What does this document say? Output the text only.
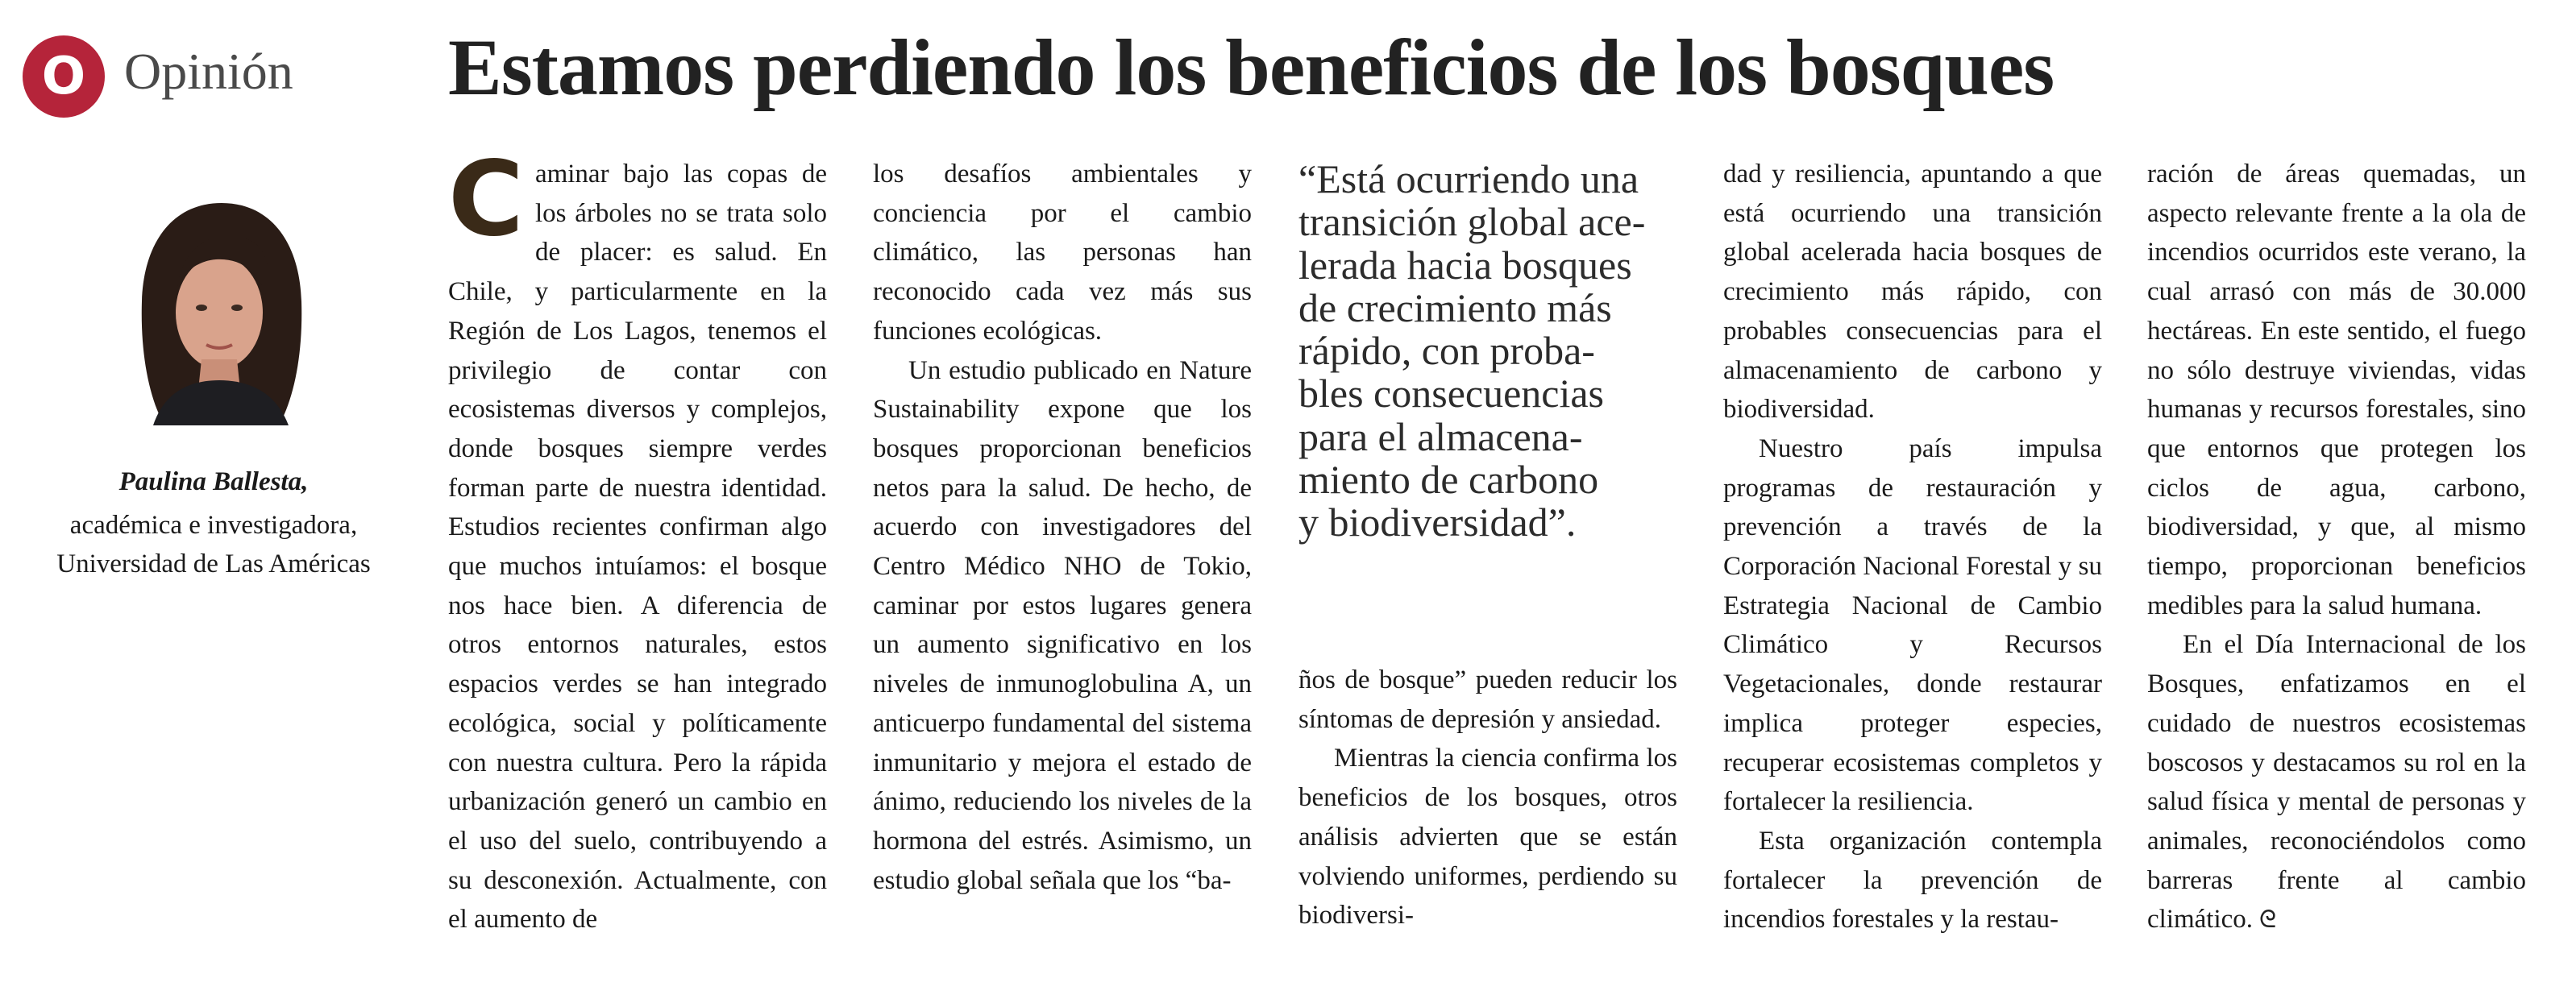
O Opinión Estamos perdiendo los beneficios de los bosques
Paulina Ballesta,
académica e investigadora,
Universidad de Las Américas
C aminar bajo las copas de los árboles no se trata solo de placer: es salud. En Chile, y particularmente en la Región de Los Lagos, tenemos el privilegio de contar con ecosistemas diversos y complejos, donde bosques siempre verdes forman parte de nuestra identidad. Estudios recientes confirman algo que muchos intuíamos: el bosque nos hace bien. A diferencia de otros entornos naturales, estos espacios verdes se han integrado ecológica, social y políticamente con nuestra cultura. Pero la rápida urbanización generó un cambio en el uso del suelo, contribuyendo a su desconexión. Actualmente, con el aumento de

los desafíos ambientales y conciencia por el cambio climático, las personas han reconocido cada vez más sus funciones ecológicas.

Un estudio publicado en Nature Sustainability expone que los bosques proporcionan beneficios netos para la salud. De hecho, de acuerdo con investigadores del Centro Médico NHO de Tokio, caminar por estos lugares genera un aumento significativo en los niveles de inmunoglobulina A, un anticuerpo fundamental del sistema inmunitario y mejora el estado de ánimo, reduciendo los niveles de la hormona del estrés. Asimismo, un estudio global señala que los “ba-

“Está ocurriendo una
transición global ace-
lerada hacia bosques
de crecimiento más
rápido, con proba-
bles consecuencias
para el almacena-
miento de carbono
y biodiversidad”.

ños de bosque” pueden reducir los síntomas de depresión y ansiedad.

Mientras la ciencia confirma los beneficios de los bosques, otros análisis advierten que se están volviendo uniformes, perdiendo su biodiversi-

dad y resiliencia, apuntando a que está ocurriendo una transición global acelerada hacia bosques de crecimiento más rápido, con probables consecuencias para el almacenamiento de carbono y biodiversidad.

Nuestro país impulsa programas de restauración y prevención a través de la Corporación Nacional Forestal y su Estrategia Nacional de Cambio Climático y Recursos Vegetacionales, donde restaurar implica proteger especies, recuperar ecosistemas completos y fortalecer la resiliencia.

Esta organización contempla fortalecer la prevención de incendios forestales y la restau-

ración de áreas quemadas, un aspecto relevante frente a la ola de incendios ocurridos este verano, la cual arrasó con más de 30.000 hectáreas. En este sentido, el fuego no sólo destruye viviendas, vidas humanas y recursos forestales, sino que entornos que protegen los ciclos de agua, carbono, biodiversidad, y que, al mismo tiempo, proporcionan beneficios medibles para la salud humana.

En el Día Internacional de los Bosques, enfatizamos en el cuidado de nuestros ecosistemas boscosos y destacamos su rol en la salud física y mental de personas y animales, reconociéndolos como barreras frente al cambio climático. ᘓ
